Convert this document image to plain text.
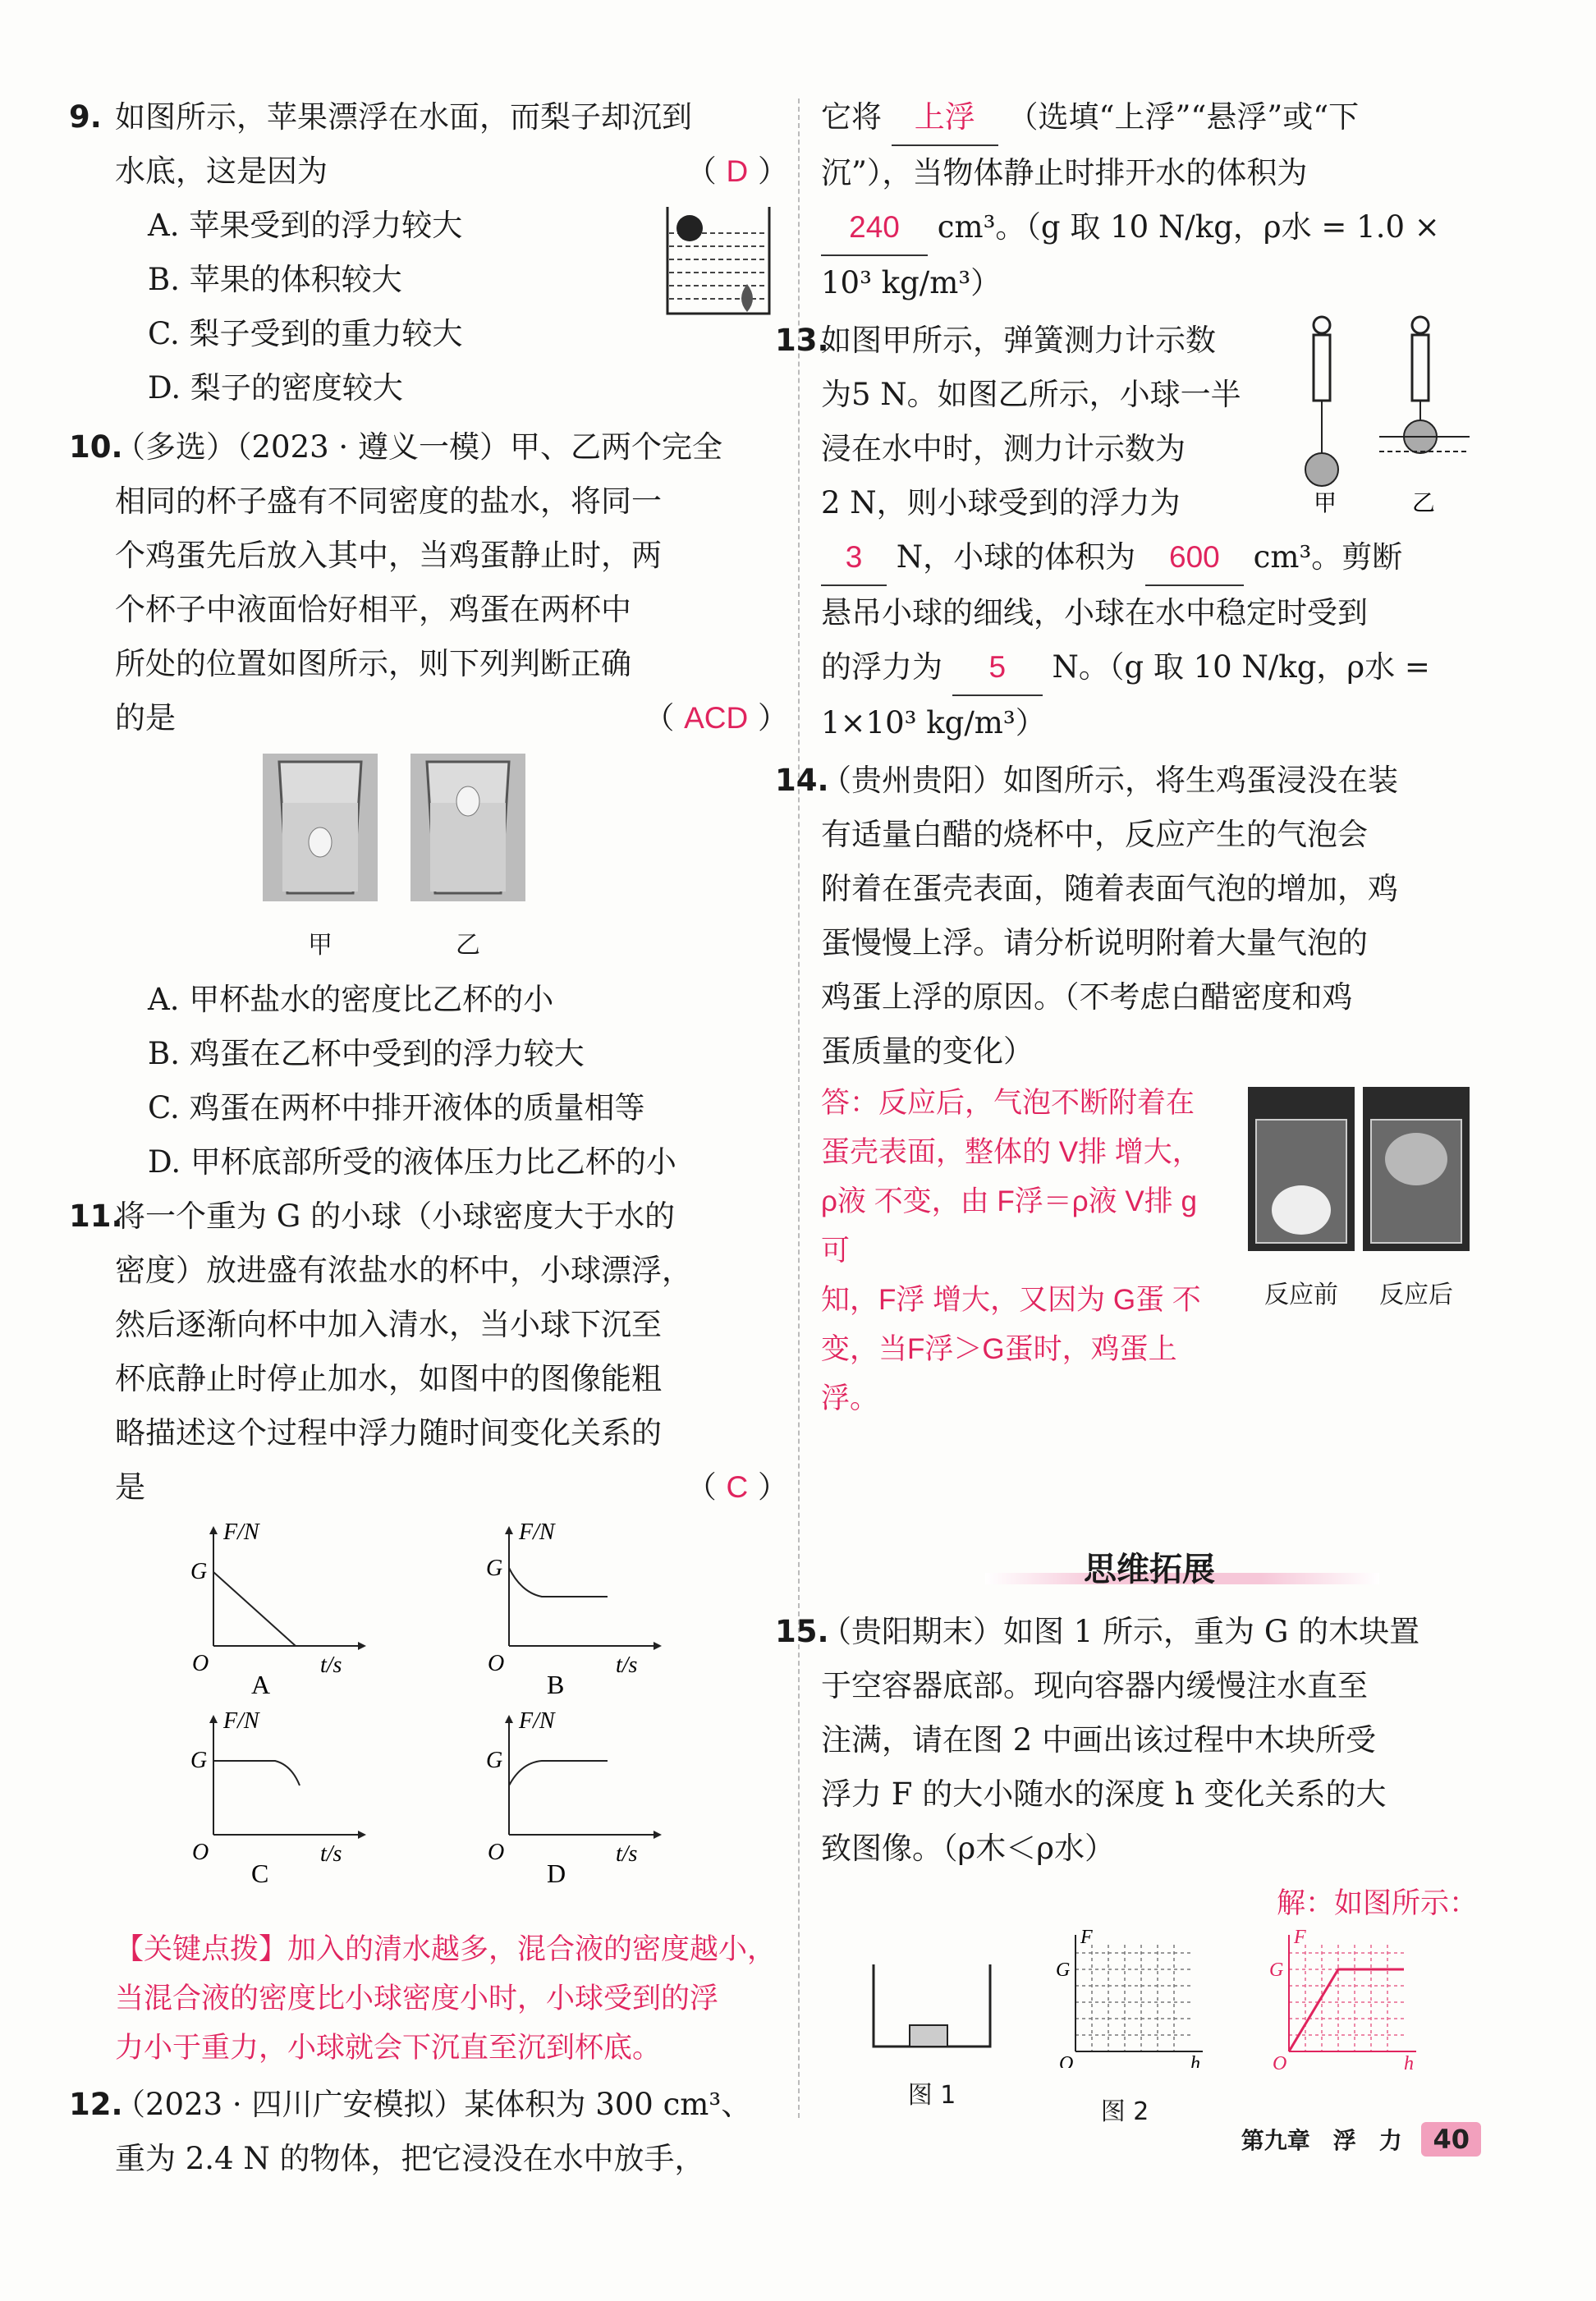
9. 如图所示，苹果漂浮在水面，而梨子却沉到
水底，这是因为	（ D ）
A. 苹果受到的浮力较大
B. 苹果的体积较大
C. 梨子受到的重力较大
D. 梨子的密度较大
10.
（多选）（2023 · 遵义一模）甲、乙两个完全
相同的杯子盛有不同密度的盐水，将同一
个鸡蛋先后放入其中，当鸡蛋静止时，两
个杯子中液面恰好相平，鸡蛋在两杯中
所处的位置如图所示，则下列判断正确
的是	（ ACD ）
甲	乙
A. 甲杯盐水的密度比乙杯的小
B. 鸡蛋在乙杯中受到的浮力较大
C. 鸡蛋在两杯中排开液体的质量相等
D. 甲杯底部所受的液体压力比乙杯的小
11.
将一个重为 G 的小球（小球密度大于水的
密度）放进盛有浓盐水的杯中，小球漂浮，
然后逐渐向杯中加入清水，当小球下沉至
杯底静止时停止加水，如图中的图像能粗
略描述这个过程中浮力随时间变化关系的
是	（ C ）
F/N
G
O	t/s
A
F/N
G
O	t/s
B
F/N
G
O	t/s
C
F/N
G
O	t/s
D
【关键点拨】加入的清水越多，混合液的密度越小，
当混合液的密度比小球密度小时，小球受到的浮
力小于重力，小球就会下沉直至沉到杯底。
12.
（2023 · 四川广安模拟）某体积为 300 cm³、
重为 2.4 N 的物体，把它浸没在水中放手，
它将 上浮 （选填“上浮”“悬浮”或“下
沉”），当物体静止时排开水的体积为
240 cm³。（g 取 10 N/kg，ρ水 = 1.0 ×
10³ kg/m³）
13.
如图甲所示，弹簧测力计示数
为5 N。如图乙所示，小球一半
浸在水中时，测力计示数为
2 N，则小球受到的浮力为
3 N，小球的体积为 600 cm³。剪断
悬吊小球的细线，小球在水中稳定时受到
的浮力为 5 N。（g 取 10 N/kg，ρ水 =
1×10³ kg/m³）
甲	乙
14.
（贵州贵阳）如图所示，将生鸡蛋浸没在装
有适量白醋的烧杯中，反应产生的气泡会
附着在蛋壳表面，随着表面气泡的增加，鸡
蛋慢慢上浮。请分析说明附着大量气泡的
鸡蛋上浮的原因。（不考虑白醋密度和鸡
蛋质量的变化）
答：反应后，气泡不断附着在
蛋壳表面，整体的 V排 增大，
ρ液 不变，由 F浮＝ρ液 V排 g 可
知，F浮 增大，又因为 G蛋 不
变，当F浮＞G蛋时，鸡蛋上浮。
反应前	反应后
思维拓展
15.
（贵阳期末）如图 1 所示，重为 G 的木块置
于空容器底部。现向容器内缓慢注水直至
注满，请在图 2 中画出该过程中木块所受
浮力 F 的大小随水的深度 h 变化关系的大
致图像。（ρ木＜ρ水）
解：如图所示：
图 1
F
G
O	h
图 2
F
G
O	h
第九章　浮　力 40
